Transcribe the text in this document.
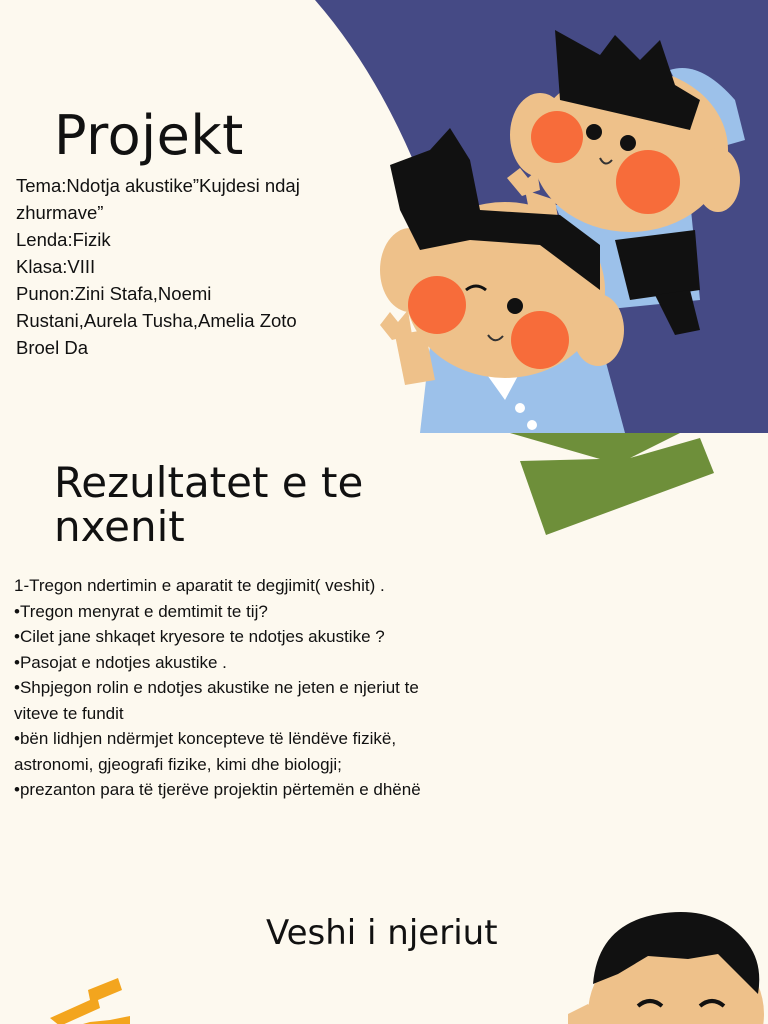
Projekt
Tema:Ndotja akustike”Kujdesi ndaj
zhurmave”
Lenda:Fizik
Klasa:VIII
Punon:Zini Stafa,Noemi
Rustani,Aurela Tusha,Amelia Zoto
Broel Da
Rezultatet e te
nxenit
1-Tregon ndertimin e aparatit te degjimit( veshit) .
•Tregon menyrat e demtimit te tij?
•Cilet jane shkaqet kryesore te ndotjes akustike ?
•Pasojat e ndotjes akustike .
•Shpjegon rolin e ndotjes akustike ne jeten e njeriut te
viteve te fundit
•bën lidhjen ndërmjet koncepteve të lëndëve fizikë,
astronomi, gjeografi fizike, kimi dhe biologji;
•prezanton para të tjerëve projektin përtemën e dhënë
Veshi i njeriut
